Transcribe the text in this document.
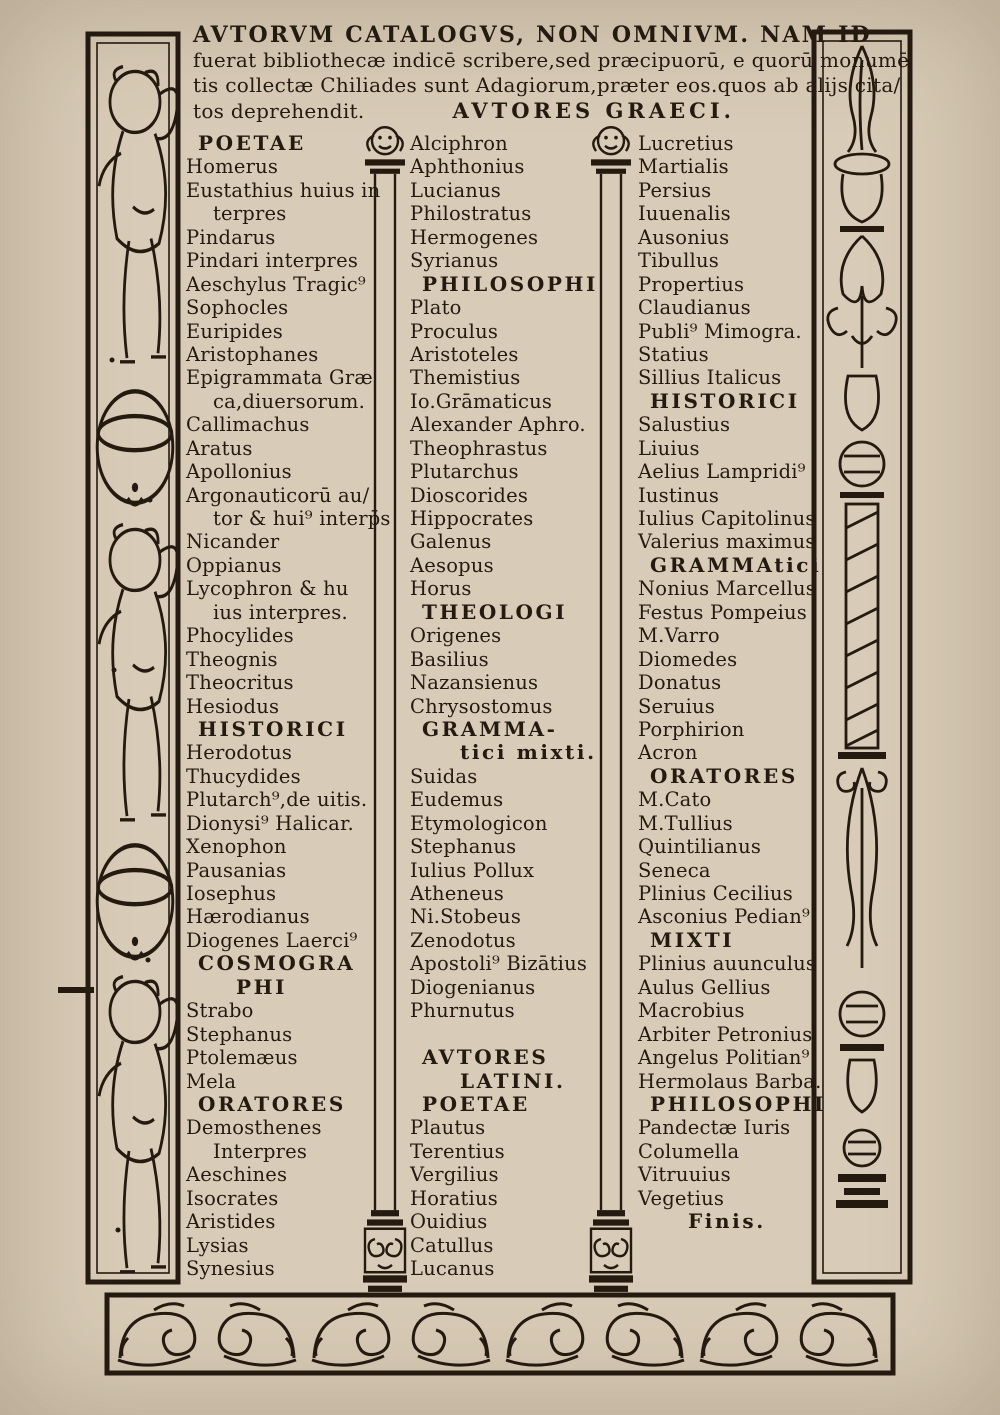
AVTORVM CATALOGVS, NON OMNIVM. NAM ID
fuerat bibliothecæ indicē scribere,sed præcipuorū, e quorū monumē
tis collectæ Chiliades sunt Adagiorum,præter eos.quos ab alijs cita/
tos deprehendit.	AVTORES GRAECI.
POETAE
Homerus
Eustathius huius in
terpres
Pindarus
Pindari interpres
Aeschylus Tragic⁹
Sophocles
Euripides
Aristophanes
Epigrammata Græ
ca,diuersorum.
Callimachus
Aratus
Apollonius
Argonauticorū au/
tor & hui⁹ interp̄s
Nicander
Oppianus
Lycophron & hu
ius interpres.
Phocylides
Theognis
Theocritus
Hesiodus
HISTORICI
Herodotus
Thucydides
Plutarch⁹,de uitis.
Dionysi⁹ Halicar.
Xenophon
Pausanias
Iosephus
Hærodianus
Diogenes Laerci⁹
COSMOGRA
PHI
Strabo
Stephanus
Ptolemæus
Mela
ORATORES
Demosthenes
Interpres
Aeschines
Isocrates
Aristides
Lysias
Synesius
Alciphron
Aphthonius
Lucianus
Philostratus
Hermogenes
Syrianus
PHILOSOPHI
Plato
Proculus
Aristoteles
Themistius
Io.Grāmaticus
Alexander Aphro.
Theophrastus
Plutarchus
Dioscorides
Hippocrates
Galenus
Aesopus
Horus
THEOLOGI
Origenes
Basilius
Nazansienus
Chrysostomus
GRAMMA-
tici mixti.
Suidas
Eudemus
Etymologicon
Stephanus
Iulius Pollux
Atheneus
Ni.Stobeus
Zenodotus
Apostoli⁹ Bizātius
Diogenianus
Phurnutus
AVTORES
LATINI.
POETAE
Plautus
Terentius
Vergilius
Horatius
Ouidius
Catullus
Lucanus
Lucretius
Martialis
Persius
Iuuenalis
Ausonius
Tibullus
Propertius
Claudianus
Publi⁹ Mimogra.
Statius
Sillius Italicus
HISTORICI
Salustius
Liuius
Aelius Lampridi⁹
Iustinus
Iulius Capitolinus
Valerius maximus
GRAMMAtici
Nonius Marcellus
Festus Pompeius
M.Varro
Diomedes
Donatus
Seruius
Porphirion
Acron
ORATORES
M.Cato
M.Tullius
Quintilianus
Seneca
Plinius Cecilius
Asconius Pedian⁹
MIXTI
Plinius auunculus
Aulus Gellius
Macrobius
Arbiter Petronius
Angelus Politian⁹
Hermolaus Barba.
PHILOSOPHI
Pandectæ Iuris
Columella
Vitruuius
Vegetius
Finis.
